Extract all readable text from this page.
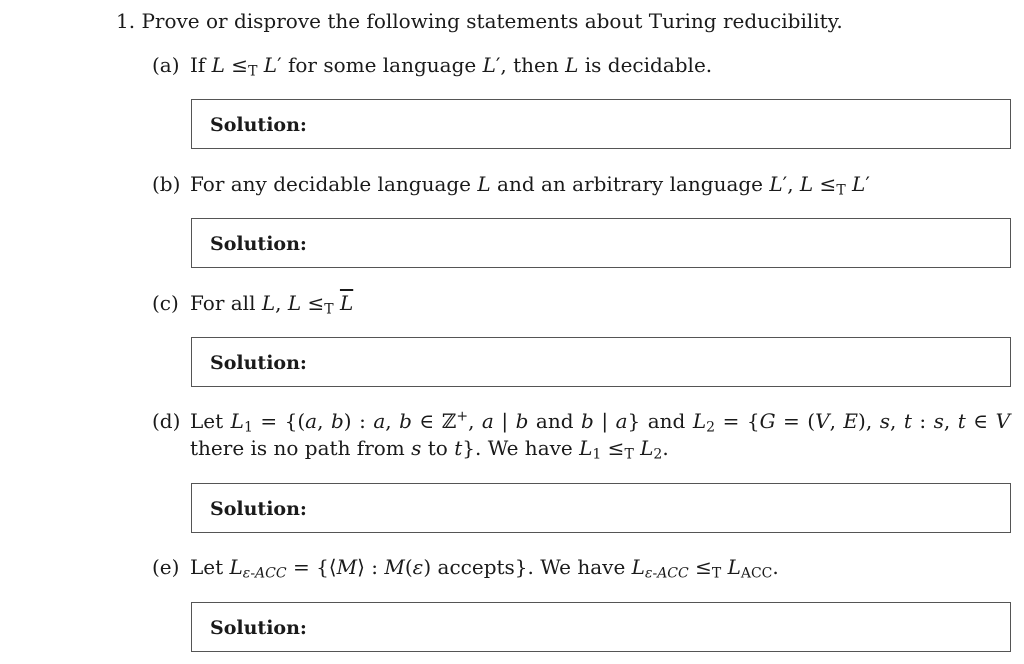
1. Prove or disprove the following statements about Turing reducibility.
(a) If $L \le_T$ L′ for some language L′, then L is decidable.
Solution:
(b) For any decidable language L and an arbitrary language L′, $L \le_T$ L′
Solution:
(c) For all L, $L \le_T$ $\overline{L}$
Solution:
(d) Let $L_1 = \{(a$, b) : a, b ∈ ℤ+, a | b and b | a} and $L_2 = \{G = (V$, E), s, t : s, t ∈ V there is no path from s to t}. We have $L_1 \le_T$ $L_2$.
Solution:
(e) Let $L_{\varepsilon-ACC}$ = {⟨M⟩ : M(ε) accepts}. We have $L_{\varepsilon-ACC} \le_T$ $L_{ACC}$.
Solution:
